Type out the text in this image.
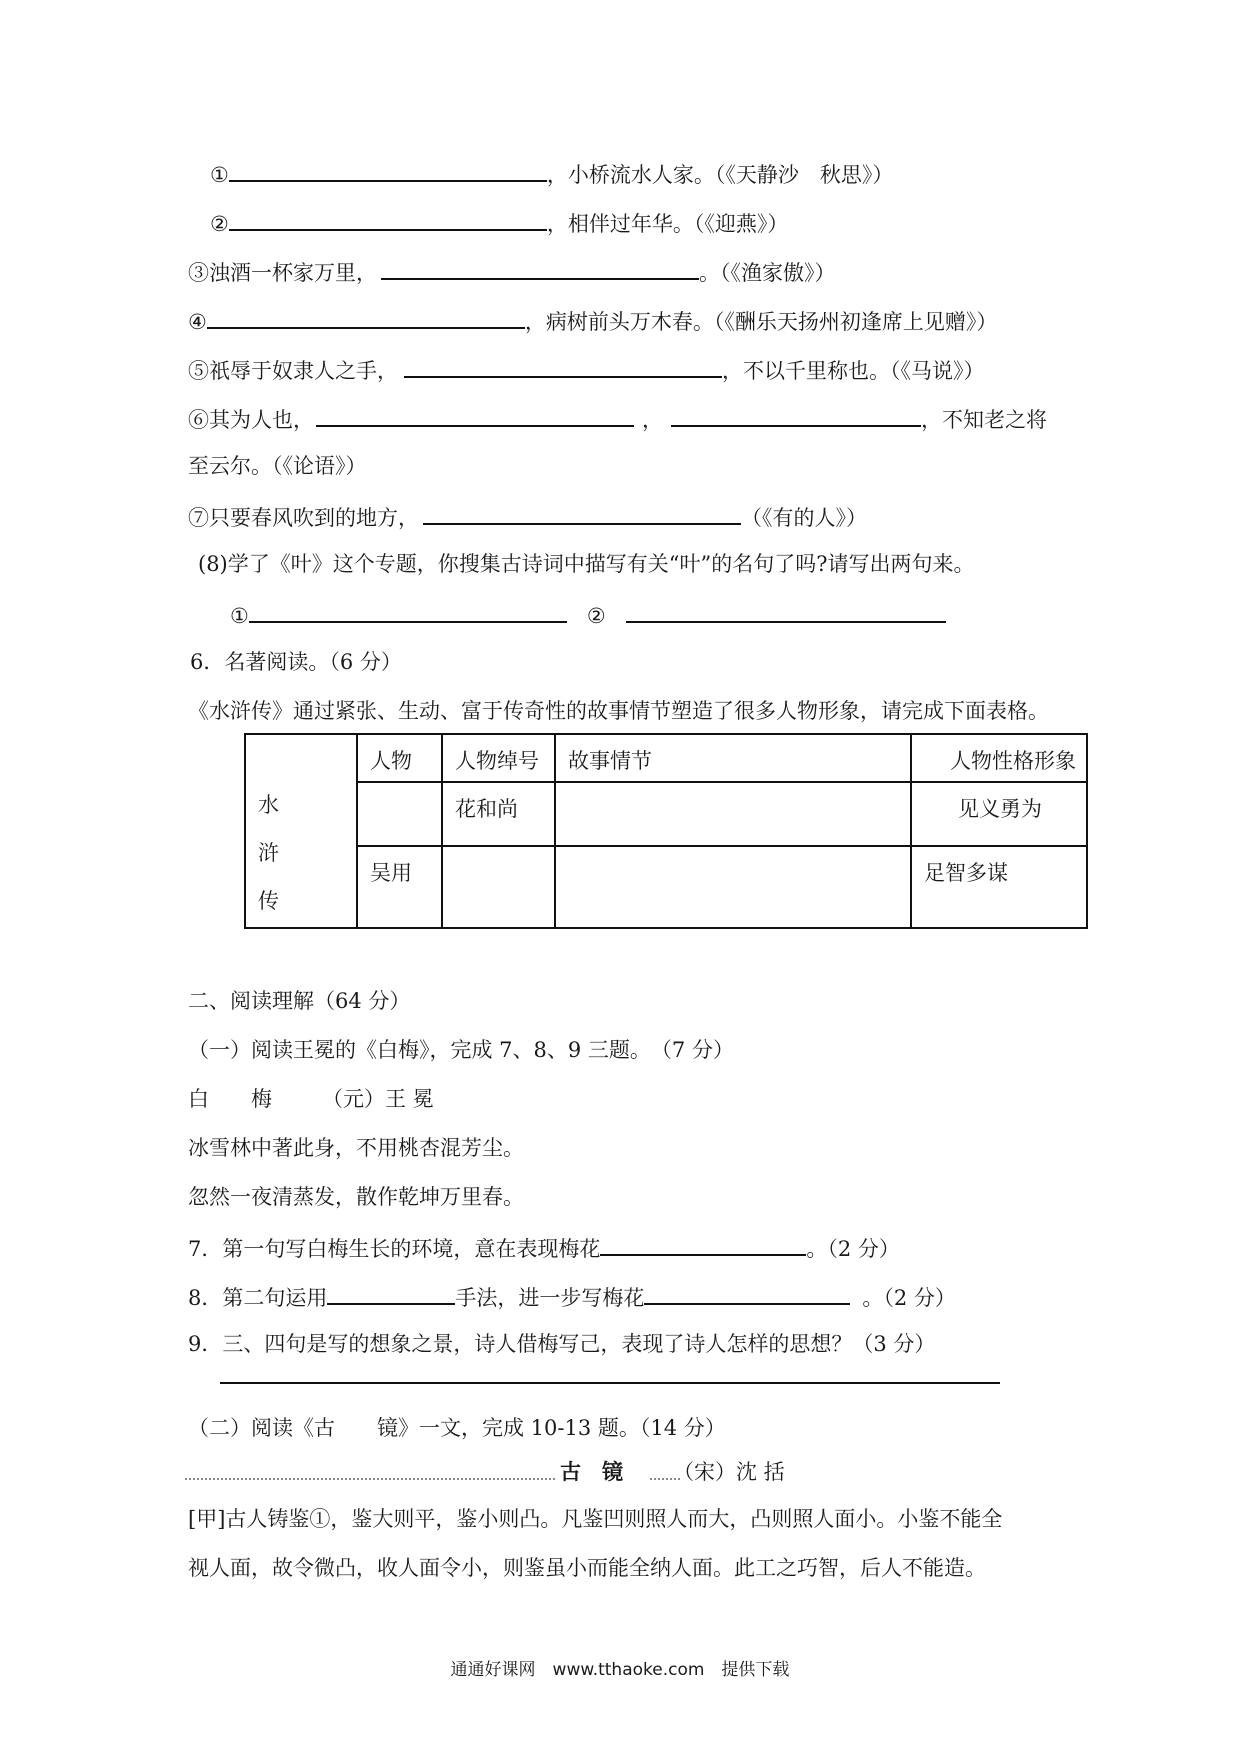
①	，小桥流水人家。（《天静沙　秋思》）
②	，相伴过年华。（《迎燕》）
③浊酒一杯家万里，	。（《渔家傲》）
④	，病树前头万木春。（《酬乐天扬州初逢席上见赠》）
⑤祇辱于奴隶人之手，	，不以千里称也。（《马说》）
⑥其为人也，	，	，不知老之将
至云尔。（《论语》）
⑦只要春风吹到的地方，	（《有的人》）
(8)学了《叶》这个专题，你搜集古诗词中描写有关“叶”的名句了吗?请写出两句来。
①	②
6．名著阅读。（6 分）
《水浒传》通过紧张、生动、富于传奇性的故事情节塑造了很多人物形象，请完成下面表格。
水
浒
传	人物	人物绰号	故事情节	人物性格形象
		花和尚		见义勇为
	吴用			足智多谋
二、阅读理解（64 分）
（一）阅读王冕的《白梅》，完成 7、8、9 三题。　（7 分）
白　　梅 （元）王 冕
冰雪林中著此身，不用桃杏混芳尘。
忽然一夜清蒸发，散作乾坤万里春。
7．第一句写白梅生长的环境，意在表现梅花	。（2 分）
8．第二句运用	手法，进一步写梅花	。（2 分）
9．三、四句是写的想象之景，诗人借梅写己，表现了诗人怎样的思想？（3 分）
（二）阅读《古　　镜》一文，完成 10-13 题。（14 分）
古　镜 （宋）沈 括
[甲]古人铸鉴①，鉴大则平，鉴小则凸。凡鉴凹则照人而大，凸则照人面小。小鉴不能全
视人面，故令微凸，收人面令小，则鉴虽小而能全纳人面。此工之巧智，后人不能造。
通通好课网　www.tthaoke.com　提供下载
